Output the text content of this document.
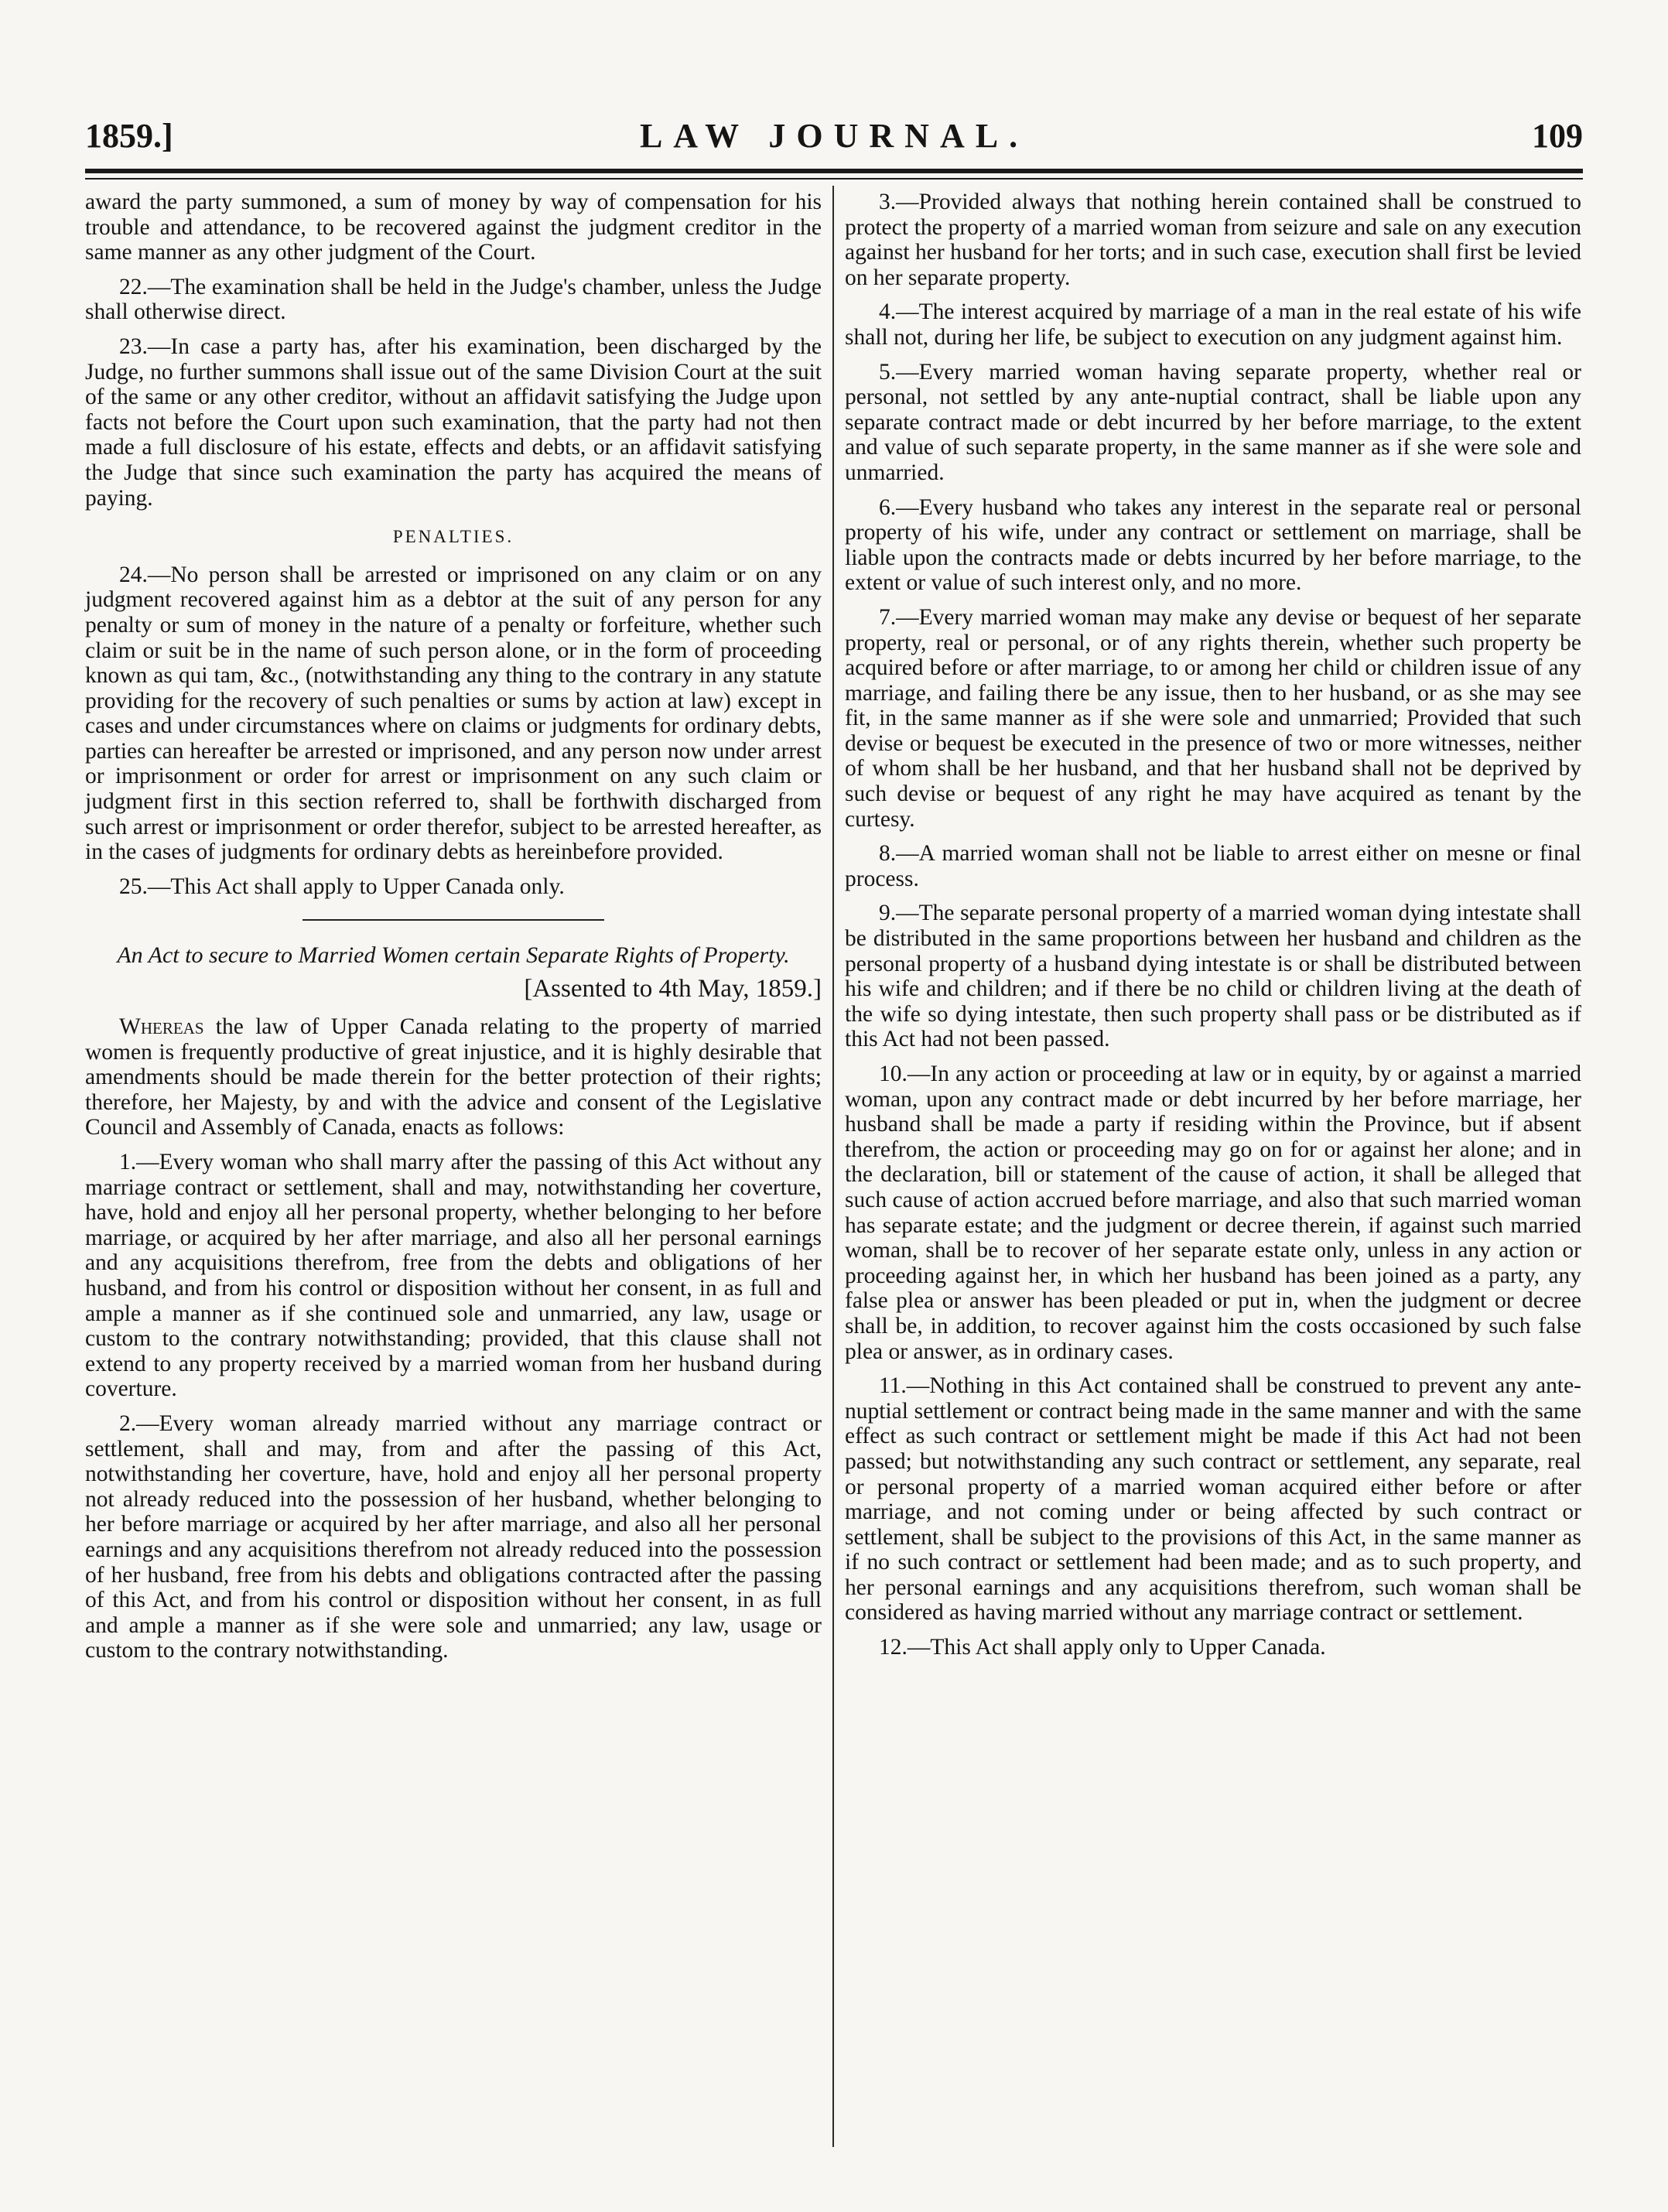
1859.]	LAW JOURNAL.	109

award the party summoned, a sum of money by way of compensation for his trouble and attendance, to be recovered against the judgment creditor in the same manner as any other judgment of the Court.

22.—The examination shall be held in the Judge's chamber, unless the Judge shall otherwise direct.

23.—In case a party has, after his examination, been discharged by the Judge, no further summons shall issue out of the same Division Court at the suit of the same or any other creditor, without an affidavit satisfying the Judge upon facts not before the Court upon such examination, that the party had not then made a full disclosure of his estate, effects and debts, or an affidavit satisfying the Judge that since such examination the party has acquired the means of paying.

PENALTIES.

24.—No person shall be arrested or imprisoned on any claim or on any judgment recovered against him as a debtor at the suit of any person for any penalty or sum of money in the nature of a penalty or forfeiture, whether such claim or suit be in the name of such person alone, or in the form of proceeding known as qui tam, &c., (notwithstanding any thing to the contrary in any statute providing for the recovery of such penalties or sums by action at law) except in cases and under circumstances where on claims or judgments for ordinary debts, parties can hereafter be arrested or imprisoned, and any person now under arrest or imprisonment or order for arrest or imprisonment on any such claim or judgment first in this section referred to, shall be forthwith discharged from such arrest or imprisonment or order therefor, subject to be arrested hereafter, as in the cases of judgments for ordinary debts as hereinbefore provided.

25.—This Act shall apply to Upper Canada only.

An Act to secure to Married Women certain Separate Rights of Property.
[Assented to 4th May, 1859.]

Whereas the law of Upper Canada relating to the property of married women is frequently productive of great injustice, and it is highly desirable that amendments should be made therein for the better protection of their rights; therefore, her Majesty, by and with the advice and consent of the Legislative Council and Assembly of Canada, enacts as follows:

1.—Every woman who shall marry after the passing of this Act without any marriage contract or settlement, shall and may, notwithstanding her coverture, have, hold and enjoy all her personal property, whether belonging to her before marriage, or acquired by her after marriage, and also all her personal earnings and any acquisitions therefrom, free from the debts and obligations of her husband, and from his control or disposition without her consent, in as full and ample a manner as if she continued sole and unmarried, any law, usage or custom to the contrary notwithstanding; provided, that this clause shall not extend to any property received by a married woman from her husband during coverture.

2.—Every woman already married without any marriage contract or settlement, shall and may, from and after the passing of this Act, notwithstanding her coverture, have, hold and enjoy all her personal property not already reduced into the possession of her husband, whether belonging to her before marriage or acquired by her after marriage, and also all her personal earnings and any acquisitions therefrom not already reduced into the possession of her husband, free from his debts and obligations contracted after the passing of this Act, and from his control or disposition without her consent, in as full and ample a manner as if she were sole and unmarried; any law, usage or custom to the contrary notwithstanding.

3.—Provided always that nothing herein contained shall be construed to protect the property of a married woman from seizure and sale on any execution against her husband for her torts; and in such case, execution shall first be levied on her separate property.

4.—The interest acquired by marriage of a man in the real estate of his wife shall not, during her life, be subject to execution on any judgment against him.

5.—Every married woman having separate property, whether real or personal, not settled by any ante-nuptial contract, shall be liable upon any separate contract made or debt incurred by her before marriage, to the extent and value of such separate property, in the same manner as if she were sole and unmarried.

6.—Every husband who takes any interest in the separate real or personal property of his wife, under any contract or settlement on marriage, shall be liable upon the contracts made or debts incurred by her before marriage, to the extent or value of such interest only, and no more.

7.—Every married woman may make any devise or bequest of her separate property, real or personal, or of any rights therein, whether such property be acquired before or after marriage, to or among her child or children issue of any marriage, and failing there be any issue, then to her husband, or as she may see fit, in the same manner as if she were sole and unmarried; Provided that such devise or bequest be executed in the presence of two or more witnesses, neither of whom shall be her husband, and that her husband shall not be deprived by such devise or bequest of any right he may have acquired as tenant by the curtesy.

8.—A married woman shall not be liable to arrest either on mesne or final process.

9.—The separate personal property of a married woman dying intestate shall be distributed in the same proportions between her husband and children as the personal property of a husband dying intestate is or shall be distributed between his wife and children; and if there be no child or children living at the death of the wife so dying intestate, then such property shall pass or be distributed as if this Act had not been passed.

10.—In any action or proceeding at law or in equity, by or against a married woman, upon any contract made or debt incurred by her before marriage, her husband shall be made a party if residing within the Province, but if absent therefrom, the action or proceeding may go on for or against her alone; and in the declaration, bill or statement of the cause of action, it shall be alleged that such cause of action accrued before marriage, and also that such married woman has separate estate; and the judgment or decree therein, if against such married woman, shall be to recover of her separate estate only, unless in any action or proceeding against her, in which her husband has been joined as a party, any false plea or answer has been pleaded or put in, when the judgment or decree shall be, in addition, to recover against him the costs occasioned by such false plea or answer, as in ordinary cases.

11.—Nothing in this Act contained shall be construed to prevent any ante-nuptial settlement or contract being made in the same manner and with the same effect as such contract or settlement might be made if this Act had not been passed; but notwithstanding any such contract or settlement, any separate, real or personal property of a married woman acquired either before or after marriage, and not coming under or being affected by such contract or settlement, shall be subject to the provisions of this Act, in the same manner as if no such contract or settlement had been made; and as to such property, and her personal earnings and any acquisitions therefrom, such woman shall be considered as having married without any marriage contract or settlement.

12.—This Act shall apply only to Upper Canada.
